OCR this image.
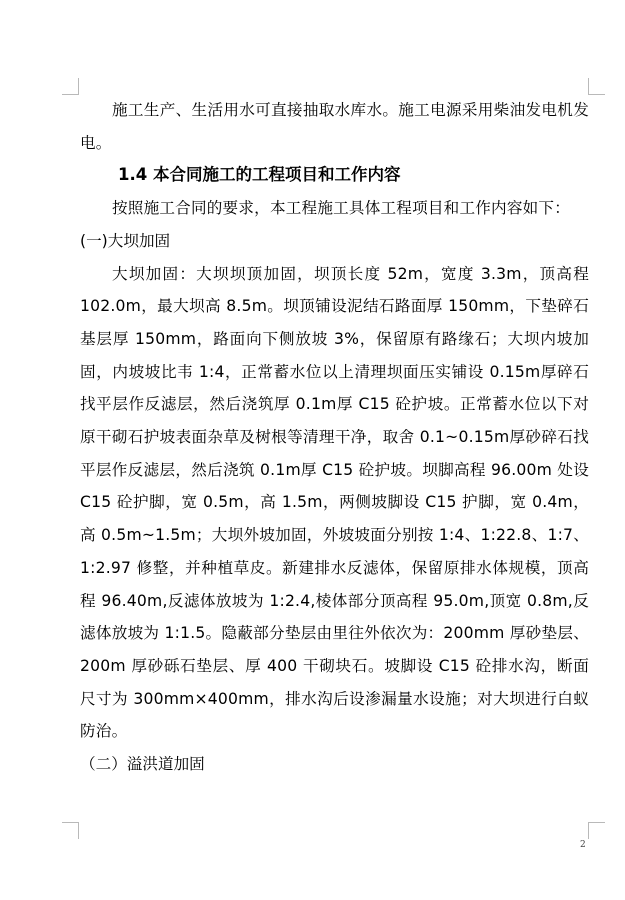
施工生产、生活用水可直接抽取水库水。施工电源采用柴油发电机发电。

1.4 本合同施工的工程项目和工作内容

按照施工合同的要求，本工程施工具体工程项目和工作内容如下：

(一)大坝加固

大坝加固：大坝坝顶加固，坝顶长度 52m，宽度 3.3m，顶高程 102.0m，最大坝高 8.5m。坝顶铺设泥结石路面厚 150mm，下垫碎石基层厚 150mm，路面向下侧放坡 3%，保留原有路缘石；大坝内坡加固，内坡坡比韦 1:4，正常蓄水位以上清理坝面压实铺设 0.15m厚碎石找平层作反滤层，然后浇筑厚 0.1m厚 C15 砼护坡。正常蓄水位以下对原干砌石护坡表面杂草及树根等清理干净，取舍 0.1~0.15m厚砂碎石找平层作反滤层，然后浇筑 0.1m厚 C15 砼护坡。坝脚高程 96.00m 处设 C15 砼护脚，宽 0.5m，高 1.5m，两侧坡脚设 C15 护脚，宽 0.4m，高 0.5m~1.5m；大坝外坡加固，外坡坡面分别按 1:4、1:22.8、1:7、1:2.97 修整，并种植草皮。新建排水反滤体，保留原排水体规模，顶高程 96.40m,反滤体放坡为 1:2.4,棱体部分顶高程 95.0m,顶宽 0.8m,反滤体放坡为 1:1.5。隐蔽部分垫层由里往外依次为：200mm 厚砂垫层、200m 厚砂砾石垫层、厚 400 干砌块石。坡脚设 C15 砼排水沟，断面尺寸为 300mm×400mm，排水沟后设渗漏量水设施；对大坝进行白蚁防治。

（二）溢洪道加固

2
